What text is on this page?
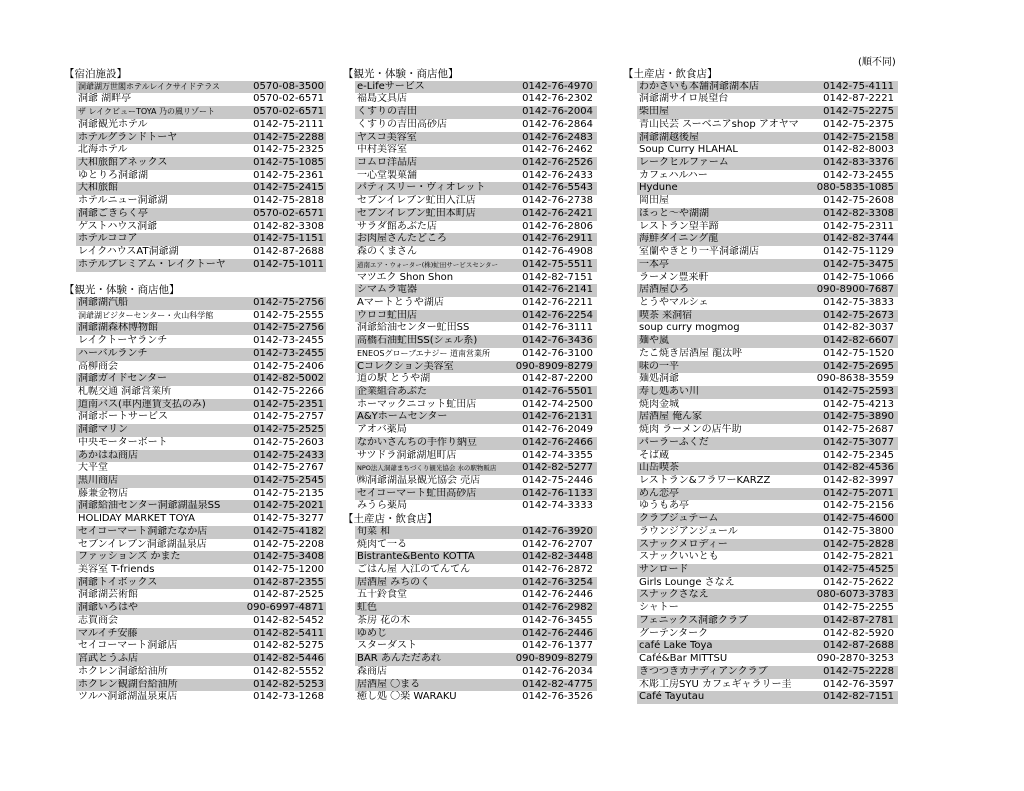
(順不同)
【宿泊施設】
洞爺湖万世閣ホテルレイクサイドテラス	0570-08-3500
洞爺 湖畔亭	0570-02-6571
ザ レイクビューTOYA 乃の風リゾート	0570-02-6571
洞爺観光ホテル	0142-75-2111
ホテルグランドトーヤ	0142-75-2288
北海ホテル	0142-75-2325
大和旅館アネックス	0142-75-1085
ゆとりろ洞爺湖	0142-75-2361
大和旅館	0142-75-2415
ホテルニュー洞爺湖	0142-75-2818
洞爺ごきらく亭	0570-02-6571
ゲストハウス洞爺	0142-82-3308
ホテルココア	0142-75-1151
レイクハウスAT洞爺湖	0142-87-2688
ホテルプレミアム・レイクトーヤ	0142-75-1011
【観光・体験・商店他】
洞爺湖汽船	0142-75-2756
洞爺湖ビジターセンター・火山科学館	0142-75-2555
洞爺湖森林博物館	0142-75-2756
レイクトーヤランチ	0142-73-2455
ハーバルランチ	0142-73-2455
高柳商会	0142-75-2406
洞爺ガイドセンター	0142-82-5002
札幌交通 洞爺営業所	0142-75-2266
道南バス(車内運賃支払のみ)	0142-75-2351
洞爺ボートサービス	0142-75-2757
洞爺マリン	0142-75-2525
中央モーターボート	0142-75-2603
あかはね商店	0142-75-2433
大平堂	0142-75-2767
黒川商店	0142-75-2545
藤兼金物店	0142-75-2135
洞爺給油センター洞爺湖温泉SS	0142-75-2021
HOLIDAY MARKET TOYA	0142-75-3277
セイコーマート洞爺たなか店	0142-75-4182
セブンイレブン洞爺湖温泉店	0142-75-2208
ファッションズ かまた	0142-75-3408
美容室 T-friends	0142-75-1200
洞爺トイボックス	0142-87-2355
洞爺湖芸術館	0142-87-2525
洞爺いろはや	090-6997-4871
志賀商会	0142-82-5452
マルイチ安藤	0142-82-5411
セイコーマート洞爺店	0142-82-5275
宮武とうふ店	0142-82-5446
ホクレン洞爺給油所	0142-82-5552
ホクレン観湖台給油所	0142-82-5253
ツルハ洞爺湖温泉東店	0142-73-1268
【観光・体験・商店他】
e-Lifeサービス	0142-76-4970
福島文具店	0142-76-2302
くすりの吉田	0142-76-2004
くすりの吉田高砂店	0142-76-2864
ヤスコ美容室	0142-76-2483
中村美容室	0142-76-2462
コムロ洋品店	0142-76-2526
一心堂製菓舗	0142-76-2433
パティスリー・ヴィオレット	0142-76-5543
セブンイレブン虻田入江店	0142-76-2738
セブンイレブン虻田本町店	0142-76-2421
サラダ館あぶた店	0142-76-2806
お肉屋さんたどころ	0142-76-2911
森のくまさん	0142-76-4908
道南エア・ウォーター(株)虻田サービスセンター 0142-75-5511
マツエク Shon Shon	0142-82-7151
シマムラ電器	0142-76-2141
Aマートとうや湖店	0142-76-2211
ウロコ虻田店	0142-76-2254
洞爺給油センター虻田SS	0142-76-3111
高橋石油虻田SS(シェル系)	0142-76-3436
ENEOSグローブエナジー 道南営業所	0142-76-3100
Cコレクション美容室	090-8909-8279
道の駅 とうや湖	0142-87-2200
企業組合あぶた	0142-76-5501
ホーマックニコット虻田店	0142-74-2500
A&Yホームセンター	0142-76-2131
アオバ薬局	0142-76-2049
なかいさんちの手作り納豆	0142-76-2466
サツドラ洞爺湖旭町店	0142-74-3355
NPO法人洞爺まちづくり観光協会 水の駅物販店	0142-82-5277
㈱洞爺湖温泉観光協会 売店	0142-75-2446
セイコーマート虻田高砂店	0142-76-1133
みうら薬局	0142-74-3333
【土産店・飲食店】
旬菜 和	0142-76-3920
焼肉て一る	0142-76-2707
Bistrante&Bento KOTTA	0142-82-3448
ごはん屋 入江のてんてん	0142-76-2872
居酒屋 みちのく	0142-76-3254
五十鈴食堂	0142-76-2446
虹色	0142-76-2982
茶房 花の木	0142-76-3455
ゆめじ	0142-76-2446
スターダスト	0142-76-1377
BAR あんただあれ	090-8909-8279
森商店	0142-76-2034
居酒屋 〇まる	0142-82-4775
癒し処 〇楽 WARAKU	0142-76-3526
【土産店・飲食店】
わかさいも本舗洞爺湖本店	0142-75-4111
洞爺湖サイロ展望台	0142-87-2221
柴田屋	0142-75-2275
青山民芸 スーベニアshop アオヤマ 0142-75-2375
洞爺湖越後屋	0142-75-2158
Soup Curry HLAHAL	0142-82-8003
レークヒルファーム	0142-83-3376
カフェハルハー	0142-73-2455
Hydune	080-5835-1085
岡田屋	0142-75-2608
ほっと～や湖湖	0142-82-3308
レストラン望羊蹄	0142-75-2311
海鮮ダイニング龍	0142-82-3744
室蘭やきとり一平洞爺湖店	0142-75-1129
一本亭	0142-75-3475
ラーメン豊来軒	0142-75-1066
居酒屋ひろ	090-8900-7687
とうやマルシェ	0142-75-3833
喫茶 来洞宿	0142-75-2673
soup curry mogmog	0142-82-3037
麺や嵐	0142-82-6607
たこ焼き居酒屋 龍汰呼	0142-75-1520
味の一平	0142-75-2695
麺処洞爺	090-8638-3559
寿し処あい川	0142-75-2593
焼肉金城	0142-75-4213
居酒屋 俺ん家	0142-75-3890
焼肉 ラーメンの店牛助	0142-75-2687
パーラーふくだ	0142-75-3077
そば蔵	0142-75-2345
山岳喫茶	0142-82-4536
レストラン&フラワーKARZZ	0142-82-3997
めん恋亭	0142-75-2071
ゆうもあ亭	0142-75-2156
クラブジュテーム	0142-75-4600
ラウンジアンジュール	0142-75-3800
スナックメロディー	0142-75-2828
スナックいいとも	0142-75-2821
サンロード	0142-75-4525
Girls Lounge さなえ	0142-75-2622
スナックさなえ	080-6073-3783
シャトー	0142-75-2255
フェニックス洞爺クラブ	0142-87-2781
グーテンターク	0142-82-5920
café Lake Toya	0142-87-2688
Café&Bar MITTSU	090-2870-3253
きつつきカナディアンクラブ	0142-75-2228
木彫工房SYU カフェギャラリー圭	0142-76-3597
Café Tayutau	0142-82-7151
